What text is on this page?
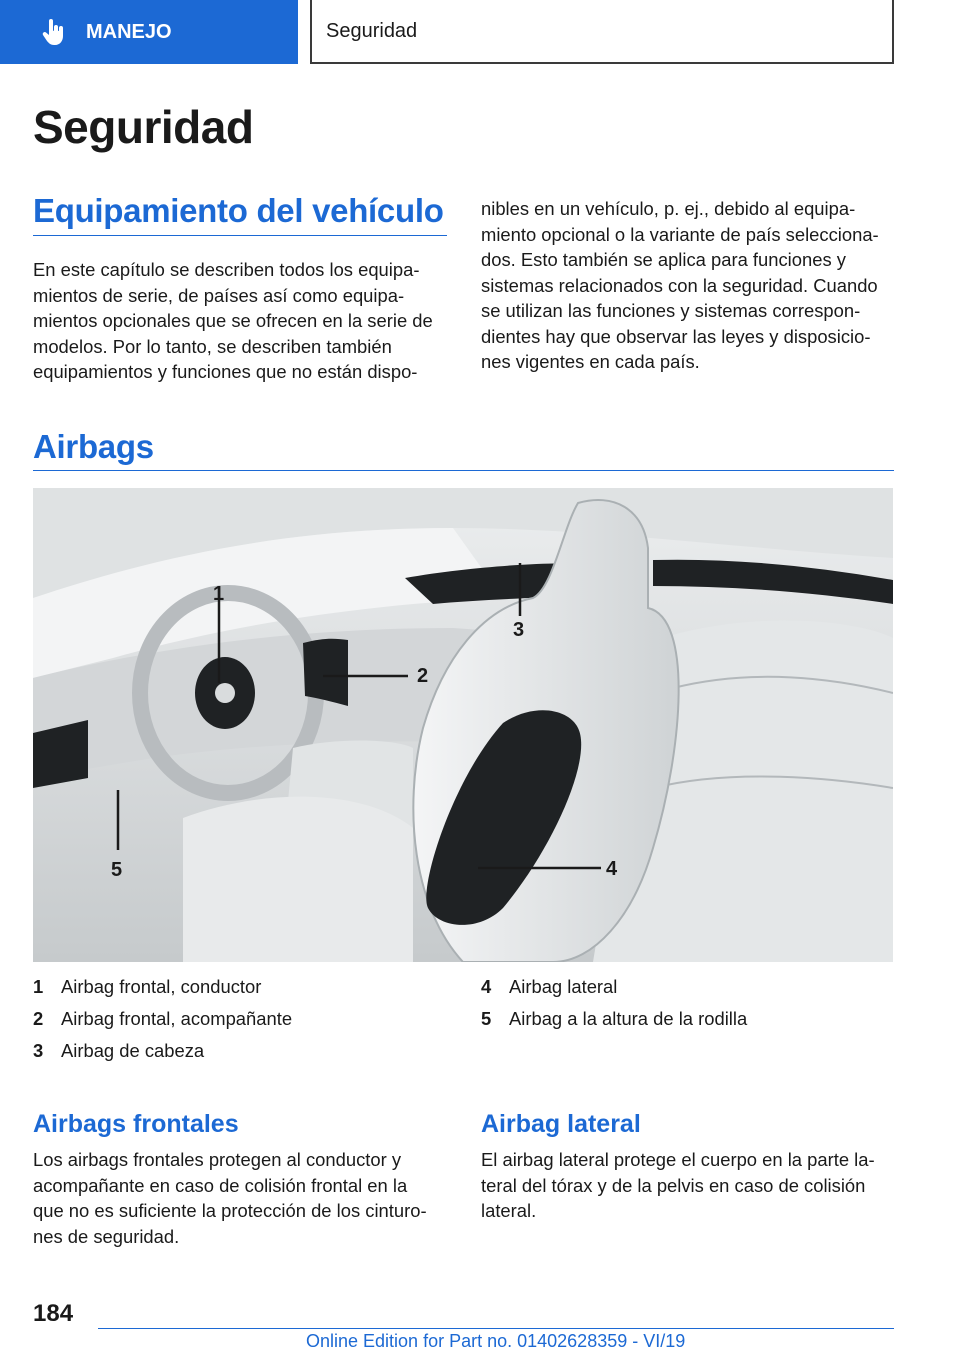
MANEJO	Seguridad
Seguridad
Equipamiento del vehículo
En este capítulo se describen todos los equipa-
mientos de serie, de países así como equipa-
mientos opcionales que se ofrecen en la serie de
modelos. Por lo tanto, se describen también
equipamientos y funciones que no están dispo-
nibles en un vehículo, p. ej., debido al equipa-
miento opcional o la variante de país selecciona-
dos. Esto también se aplica para funciones y
sistemas relacionados con la seguridad. Cuando
se utilizan las funciones y sistemas correspon-
dientes hay que observar las leyes y disposicio-
nes vigentes en cada país.
Airbags
1
2
3
4
5
1 Airbag frontal, conductor
2 Airbag frontal, acompañante
3 Airbag de cabeza
4 Airbag lateral
5 Airbag a la altura de la rodilla
Airbags frontales
Los airbags frontales protegen al conductor y
acompañante en caso de colisión frontal en la
que no es suficiente la protección de los cinturo-
nes de seguridad.
Airbag lateral
El airbag lateral protege el cuerpo en la parte la-
teral del tórax y de la pelvis en caso de colisión
lateral.
184
Online Edition for Part no. 01402628359 - VI/19
